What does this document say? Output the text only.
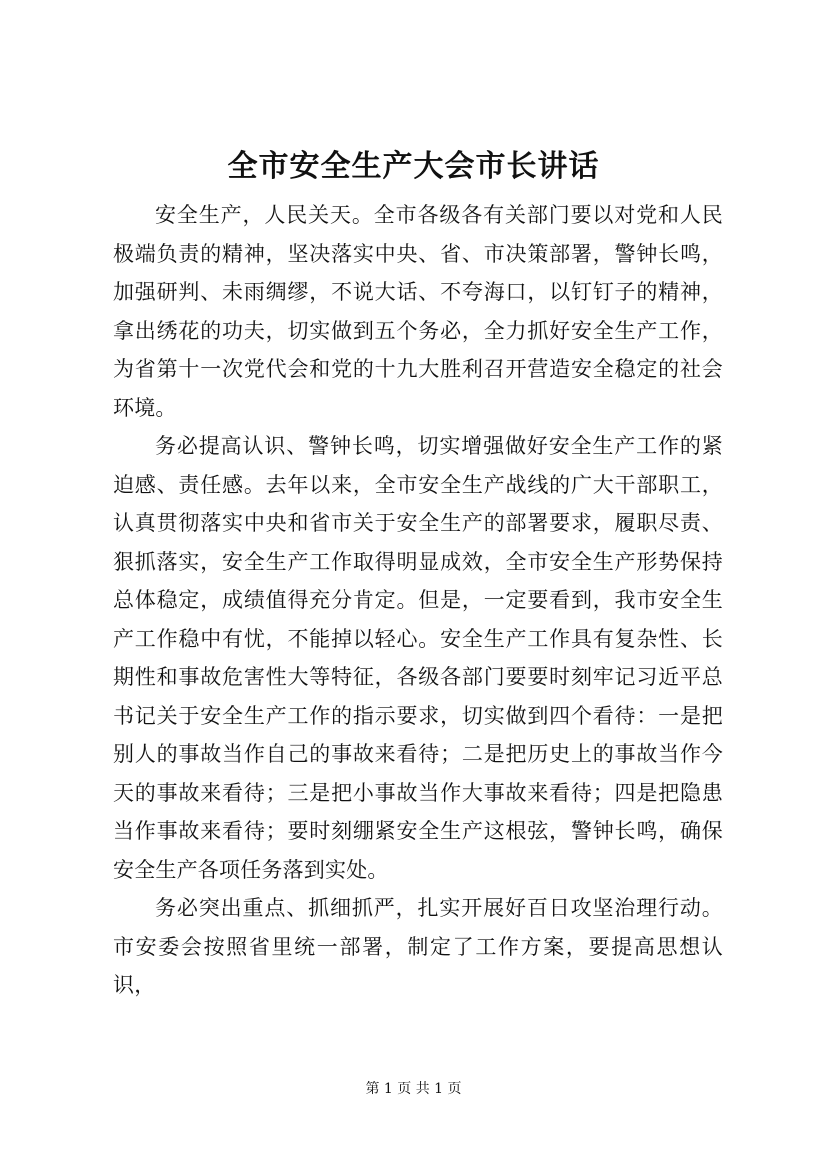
全市安全生产大会市长讲话

安全生产，人民关天。全市各级各有关部门要以对党和人民极端负责的精神，坚决落实中央、省、市决策部署，警钟长鸣，加强研判、未雨绸缪，不说大话、不夸海口，以钉钉子的精神，拿出绣花的功夫，切实做到五个务必，全力抓好安全生产工作，为省第十一次党代会和党的十九大胜利召开营造安全稳定的社会环境。

务必提高认识、警钟长鸣，切实增强做好安全生产工作的紧迫感、责任感。去年以来，全市安全生产战线的广大干部职工，认真贯彻落实中央和省市关于安全生产的部署要求，履职尽责、狠抓落实，安全生产工作取得明显成效，全市安全生产形势保持总体稳定，成绩值得充分肯定。但是，一定要看到，我市安全生产工作稳中有忧，不能掉以轻心。安全生产工作具有复杂性、长期性和事故危害性大等特征，各级各部门要要时刻牢记习近平总书记关于安全生产工作的指示要求，切实做到四个看待：一是把别人的事故当作自己的事故来看待；二是把历史上的事故当作今天的事故来看待；三是把小事故当作大事故来看待；四是把隐患当作事故来看待；要时刻绷紧安全生产这根弦，警钟长鸣，确保安全生产各项任务落到实处。

务必突出重点、抓细抓严，扎实开展好百日攻坚治理行动。市安委会按照省里统一部署，制定了工作方案，要提高思想认识，

第 1 页 共 1 页
